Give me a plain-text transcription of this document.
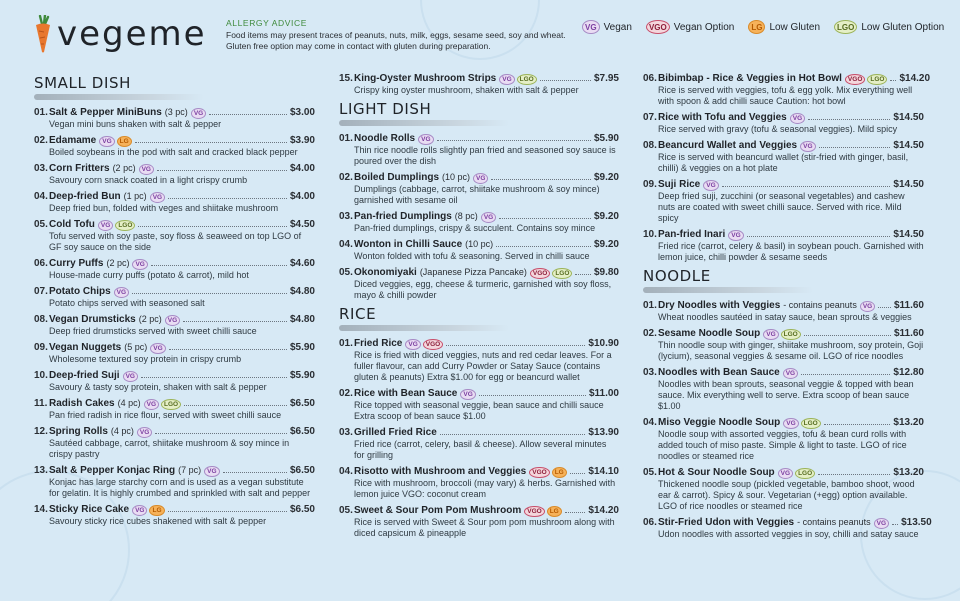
vegeme ALLERGY ADVICE
Food items may present traces of peanuts, nuts, milk, eggs, sesame seed, soy and wheat. Gluten free option may come in contact with gluten during preparation.
VG Vegan	VGO Vegan Option	LG Low Gluten	LGO Low Gluten Option
SMALL DISH
01. Salt & Pepper MiniBuns (3 pc) VG	$3.00
Vegan mini buns shaken with salt & pepper
02. Edamame VG	LG	$3.90
Boiled soybeans in the pod with salt and cracked black pepper
03. Corn Fritters (2 pc) VG	$4.00
Savoury corn snack coated in a light crispy crumb
04. Deep-fried Bun (1 pc) VG	$4.00
Deep fried bun, folded with veges and shiitake mushroom
05. Cold Tofu VG	LGO	$4.50
Tofu served with soy paste, soy floss & seaweed on top LGO of GF soy sauce on the side
06. Curry Puffs (2 pc) VG	$4.60
House-made curry puffs (potato & carrot), mild hot
07. Potato Chips VG	$4.80
Potato chips served with seasoned salt
08. Vegan Drumsticks (2 pc) VG	$4.80
Deep fried drumsticks served with sweet chilli sauce
09. Vegan Nuggets (5 pc) VG	$5.90
Wholesome textured soy protein in crispy crumb
10. Deep-fried Suji VG	$5.90
Savoury & tasty soy protein, shaken with salt & pepper
11. Radish Cakes (4 pc) VG	LGO	$6.50
Pan fried radish in rice flour, served with sweet chilli sauce
12. Spring Rolls (4 pc) VG	$6.50
Sautéed cabbage, carrot, shiitake mushroom & soy mince in crispy pastry
13. Salt & Pepper Konjac Ring (7 pc) VG	$6.50
Konjac has large starchy corn and is used as a vegan substitute for gelatin. It is highly crumbed and sprinkled with salt and pepper
14. Sticky Rice Cake VG	LG	$6.50
Savoury sticky rice cubes shakened with salt & pepper
15. King-Oyster Mushroom Strips VG	LGO	$7.95
Crispy king oyster mushroom, shaken with salt & pepper
LIGHT DISH
01. Noodle Rolls VG	$5.90
Thin rice noodle rolls slightly pan fried and seasoned soy sauce is poured over the dish
02. Boiled Dumplings (10 pc) VG	$9.20
Dumplings (cabbage, carrot, shiitake mushroom & soy mince) garnished with sesame oil
03. Pan-fried Dumplings (8 pc) VG	$9.20
Pan-fried dumplings, crispy & succulent. Contains soy mince
04. Wonton in Chilli Sauce (10 pc)	$9.20
Wonton folded with tofu & seasoning. Served in chilli sauce
05. Okonomiyaki (Japanese Pizza Pancake) VGO	LGO	$9.80
Diced veggies, egg, cheese & turmeric, garnished with soy floss, mayo & chilli powder
RICE
01. Fried Rice VG	VGO	$10.90
Rice is fried with diced veggies, nuts and red cedar leaves. For a fuller flavour, can add Curry Powder or Satay Sauce (contains gluten & peanuts) Extra $1.00 for egg or beancurd wallet
02. Rice with Bean Sauce VG	$11.00
Rice topped with seasonal veggie, bean sauce and chilli sauce Extra scoop of bean sauce $1.00
03. Grilled Fried Rice	$13.90
Fried rice (carrot, celery, basil & cheese). Allow several minutes for grilling
04. Risotto with Mushroom and Veggies VGO	LG	$14.10
Rice with mushroom, broccoli (may vary) & herbs. Garnished with lemon juice VGO: coconut cream
05. Sweet & Sour Pom Pom Mushroom VGO	LG	$14.20
Rice is served with Sweet & Sour pom pom mushroom along with diced capsicum & pineapple
06. Bibimbap - Rice & Veggies in Hot Bowl VGO	LGO	$14.20
Rice is served with veggies, tofu & egg yolk. Mix everything well with spoon & add chilli sauce Caution: hot bowl
07. Rice with Tofu and Veggies VG	$14.50
Rice served with gravy (tofu & seasonal veggies). Mild spicy
08. Beancurd Wallet and Veggies VG	$14.50
Rice is served with beancurd wallet (stir-fried with ginger, basil, chilli) & veggies on a hot plate
09. Suji Rice VG	$14.50
Deep fried suji, zucchini (or seasonal vegetables) and cashew nuts are coated with sweet chilli sauce. Served with rice. Mild spicy
10. Pan-fried Inari VG	$14.50
Fried rice (carrot, celery & basil) in soybean pouch. Garnished with lemon juice, chilli powder & sesame seeds
NOODLE
01. Dry Noodles with Veggies - contains peanuts VG	$11.60
Wheat noodles sautéed in satay sauce, bean sprouts & veggies
02. Sesame Noodle Soup VG	LGO	$11.60
Thin noodle soup with ginger, shiitake mushroom, soy protein, Goji (lycium), seasonal veggies & sesame oil. LGO of rice noodles
03. Noodles with Bean Sauce VG	$12.80
Noodles with bean sprouts, seasonal veggie & topped with bean sauce. Mix everything well to serve. Extra scoop of bean sauce $1.00
04. Miso Veggie Noodle Soup VG	LGO	$13.20
Noodle soup with assorted veggies, tofu & bean curd rolls with added touch of miso paste. Simple & light to taste. LGO of rice noodles or steamed rice
05. Hot & Sour Noodle Soup VG	LGO	$13.20
Thickened noodle soup (pickled vegetable, bamboo shoot, wood ear & carrot). Spicy & sour. Vegetarian (+egg) option available. LGO of rice noodles or steamed rice
06. Stir-Fried Udon with Veggies - contains peanuts VG	$13.50
Udon noodles with assorted veggies in soy, chilli and satay sauce
